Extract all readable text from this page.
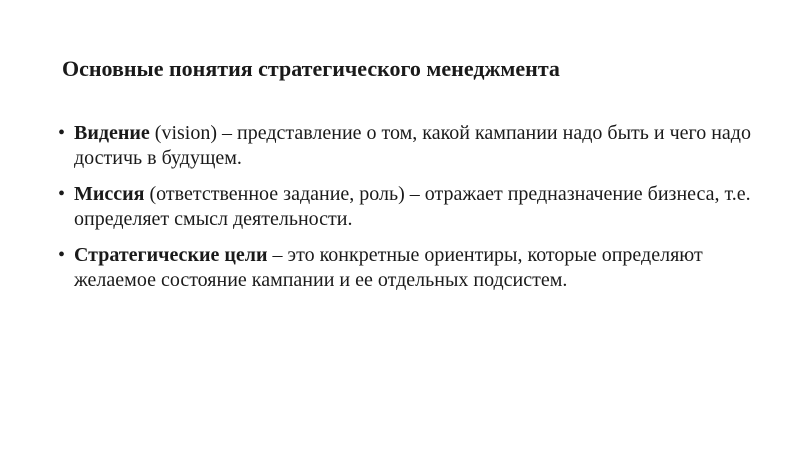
Основные понятия стратегического менеджмента
• Видение (vision) – представление о том, какой кампании надо быть и чего надо достичь в будущем.
• Миссия (ответственное задание, роль) – отражает предназначение бизнеса, т.е. определяет смысл деятельности.
• Стратегические цели – это конкретные ориентиры, которые определяют желаемое состояние кампании и ее отдельных подсистем.
